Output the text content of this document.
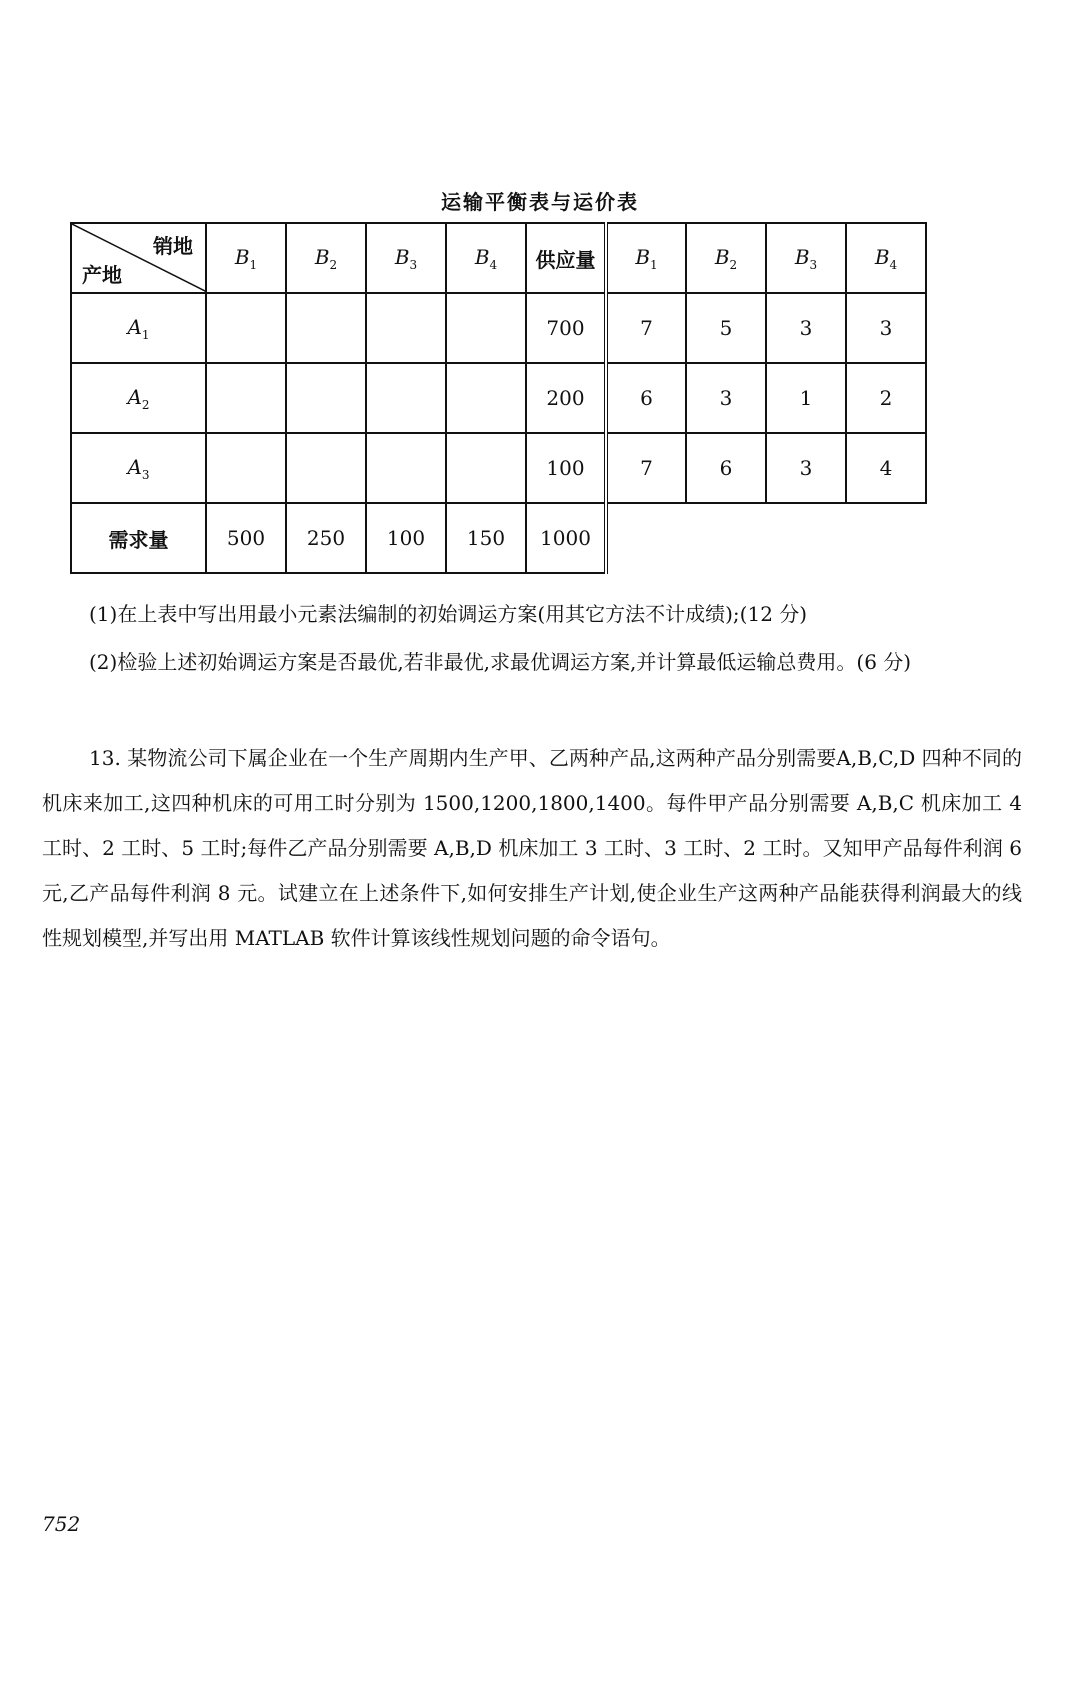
运输平衡表与运价表
销地
产地	$B_1$	$B_2$	$B_3$	$B_4$	供应量	$B_1$	$B_2$	$B_3$	$B_4$
$A_1$					700	7	5	3	3
$A_2$					200	6	3	1	2
$A_3$					100	7	6	3	4
需求量	500	250	100	150	1000				
(1)在上表中写出用最小元素法编制的初始调运方案(用其它方法不计成绩);(12 分)
(2)检验上述初始调运方案是否最优,若非最优,求最优调运方案,并计算最低运输总费用。(6 分)
13. 某物流公司下属企业在一个生产周期内生产甲、乙两种产品,这两种产品分别需要A,B,C,D 四种不同的机床来加工,这四种机床的可用工时分别为 1500,1200,1800,1400。每件甲产品分别需要 A,B,C 机床加工 4 工时、2 工时、5 工时;每件乙产品分别需要 A,B,D 机床加工 3 工时、3 工时、2 工时。又知甲产品每件利润 6 元,乙产品每件利润 8 元。试建立在上述条件下,如何安排生产计划,使企业生产这两种产品能获得利润最大的线性规划模型,并写出用 MATLAB 软件计算该线性规划问题的命令语句。
752
